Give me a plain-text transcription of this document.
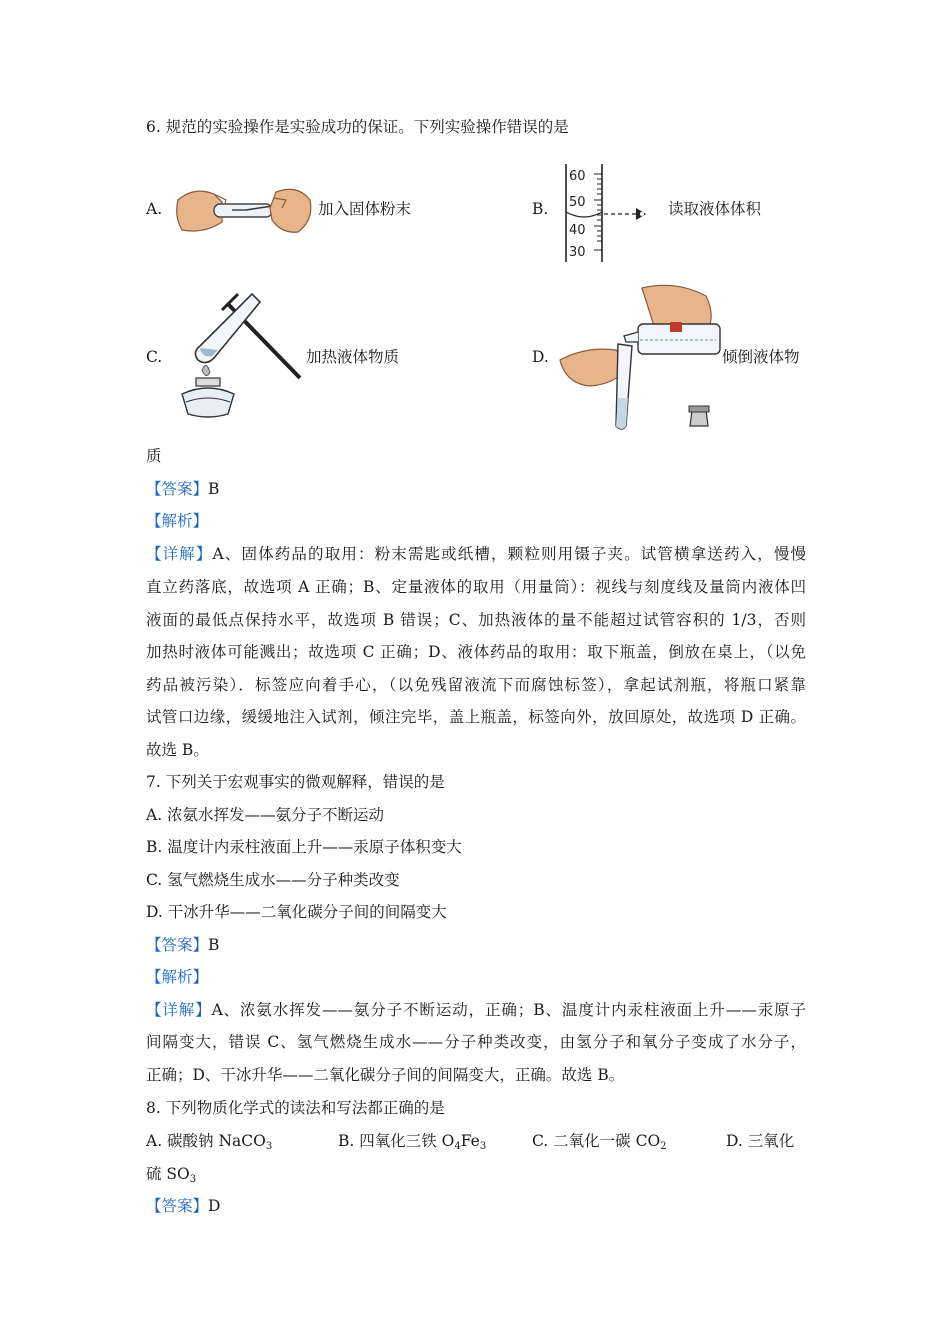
6. 规范的实验操作是实验成功的保证。下列实验操作错误的是
A.	加入固体粉末	B.
60
50
40
30
读取液体体积
C.	加热液体物质	D.	倾倒液体物
质
【答案】B
【解析】
【详解】A、固体药品的取用：粉末需匙或纸槽，颗粒则用镊子夹。试管横拿送药入，慢慢
直立药落底，故选项 A 正确；B、定量液体的取用（用量筒）：视线与刻度线及量筒内液体凹
液面的最低点保持水平，故选项 B 错误；C、加热液体的量不能超过试管容积的 1/3，否则
加热时液体可能溅出；故选项 C 正确；D、液体药品的取用：取下瓶盖，倒放在桌上，（以免
药品被污染）．标签应向着手心，（以免残留液流下而腐蚀标签），拿起试剂瓶，将瓶口紧靠
试管口边缘，缓缓地注入试剂，倾注完毕，盖上瓶盖，标签向外，放回原处，故选项 D 正确。
故选 B。
7. 下列关于宏观事实的微观解释，错误的是
A. 浓氨水挥发——氨分子不断运动
B. 温度计内汞柱液面上升——汞原子体积变大
C. 氢气燃烧生成水——分子种类改变
D. 干冰升华——二氧化碳分子间的间隔变大
【答案】B
【解析】
【详解】A、浓氨水挥发——氨分子不断运动，正确；B、温度计内汞柱液面上升——汞原子
间隔变大，错误 C、氢气燃烧生成水——分子种类改变，由氢分子和氧分子变成了水分子，
正确；D、干冰升华——二氧化碳分子间的间隔变大，正确。故选 B。
8. 下列物质化学式的读法和写法都正确的是
A. 碳酸钠 NaCO$_3$	B. 四氧化三铁 $O_4Fe_3$	C. 二氧化一碳 $CO_2$	D. 三氧化
硫 $SO_3$
【答案】D
